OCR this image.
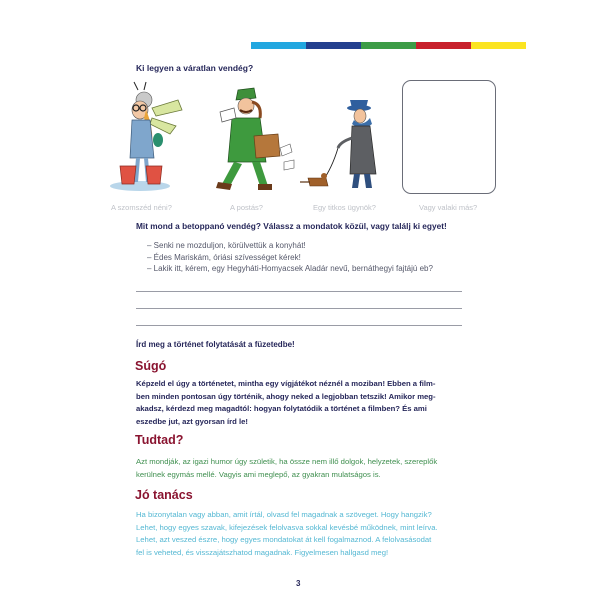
Ki legyen a váratlan vendég?
A szomszéd néni?	A postás?	Egy titkos ügynök?	Vagy valaki más?
Mit mond a betoppanó vendég? Válassz a mondatok közül, vagy találj ki egyet!
– Senki ne mozduljon, körülvettük a konyhát!
– Édes Mariskám, óriási szívességet kérek!
– Lakik itt, kérem, egy Hegyháti-Homyacsek Aladár nevű, bernáthegyi fajtájú eb?
Írd meg a történet folytatását a füzetedbe!
Súgó
Képzeld el úgy a történetet, mintha egy vígjátékot néznél a moziban! Ebben a film-
ben minden pontosan úgy történik, ahogy neked a legjobban tetszik! Amikor meg-
akadsz, kérdezd meg magadtól: hogyan folytatódik a történet a filmben? És ami
eszedbe jut, azt gyorsan írd le!
Tudtad?
Azt mondják, az igazi humor úgy születik, ha össze nem illő dolgok, helyzetek, szereplők
kerülnek egymás mellé. Vagyis ami meglepő, az gyakran mulatságos is.
Jó tanács
Ha bizonytalan vagy abban, amit írtál, olvasd fel magadnak a szöveget. Hogy hangzik?
Lehet, hogy egyes szavak, kifejezések felolvasva sokkal kevésbé működnek, mint leírva.
Lehet, azt veszed észre, hogy egyes mondatokat át kell fogalmaznod. A felolvasásodat
fel is veheted, és visszajátszhatod magadnak. Figyelmesen hallgasd meg!
3
